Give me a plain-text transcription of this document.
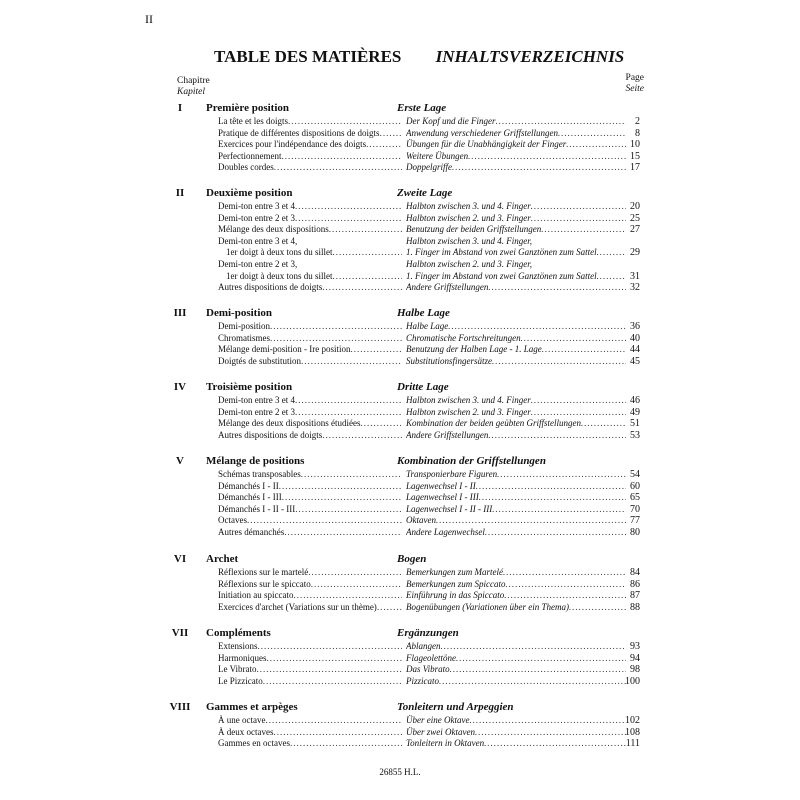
II
TABLE DES MATIÈRES INHALTSVERZEICHNIS
Chapitre
Kapitel
Page
Seite
I	Première position	Erste Lage
La tête et les doigts .....	Der Kopf und die Finger .....	2
Pratique de différentes dispositions de doigts .....	Anwendung verschiedener Griffstellungen .....	8
Exercices pour l'indépendance des doigts .....	Übungen für die Unabhängigkeit der Finger .....	10
Perfectionnement .....	Weitere Übungen .....	15
Doubles cordes .....	Doppelgriffe .....	17
II	Deuxième position	Zweite Lage
Demi-ton entre 3 et 4 .....	Halbton zwischen 3. und 4. Finger .....	20
Demi-ton entre 2 et 3 .....	Halbton zwischen 2. und 3. Finger .....	25
Mélange des deux dispositions .....	Benutzung der beiden Griffstellungen .....	27
Demi-ton entre 3 et 4,	Halbton zwischen 3. und 4. Finger,
1er doigt à deux tons du sillet .....	1. Finger im Abstand von zwei Ganztönen zum Sattel .....	29
Demi-ton entre 2 et 3,	Halbton zwischen 2. und 3. Finger,
1er doigt à deux tons du sillet .....	1. Finger im Abstand von zwei Ganztönen zum Sattel .....	31
Autres dispositions de doigts .....	Andere Griffstellungen .....	32
III	Demi-position	Halbe Lage
Demi-position .....	Halbe Lage .....	36
Chromatismes .....	Chromatische Fortschreitungen .....	40
Mélange demi-position - Ire position .....	Benutzung der Halben Lage - 1. Lage .....	44
Doigtés de substitution .....	Substitutionsfingersätze .....	45
IV	Troisième position	Dritte Lage
Demi-ton entre 3 et 4 .....	Halbton zwischen 3. und 4. Finger .....	46
Demi-ton entre 2 et 3 .....	Halbton zwischen 2. und 3. Finger .....	49
Mélange des deux dispositions étudiées .....	Kombination der beiden geübten Griffstellungen .....	51
Autres dispositions de doigts .....	Andere Griffstellungen .....	53
V	Mélange de positions	Kombination der Griffstellungen
Schémas transposables .....	Transponierbare Figuren .....	54
Démanchés I - II .....	Lagenwechsel I - II .....	60
Démanchés I - III .....	Lagenwechsel I - III .....	65
Démanchés I - II - III .....	Lagenwechsel I - II - III .....	70
Octaves .....	Oktaven .....	77
Autres démanchés .....	Andere Lagenwechsel .....	80
VI	Archet	Bogen
Réflexions sur le martelé .....	Bemerkungen zum Martelé .....	84
Réflexions sur le spiccato .....	Bemerkungen zum Spiccato .....	86
Initiation au spiccato .....	Einführung in das Spiccato .....	87
Exercices d'archet (Variations sur un thème) .....	Bogenübungen (Variationen über ein Thema) .....	88
VII	Compléments	Ergänzungen
Extensions .....	Ablangen .....	93
Harmoniques .....	Flageolettöne .....	94
Le Vibrato .....	Das Vibrato .....	98
Le Pizzicato .....	Pizzicato .....	100
VIII	Gammes et arpèges	Tonleitern und Arpeggien
À une octave .....	Über eine Oktave .....	102
À deux octaves .....	Über zwei Oktaven .....	108
Gammes en octaves .....	Tonleitern in Oktaven .....	111
26855 H.L.
